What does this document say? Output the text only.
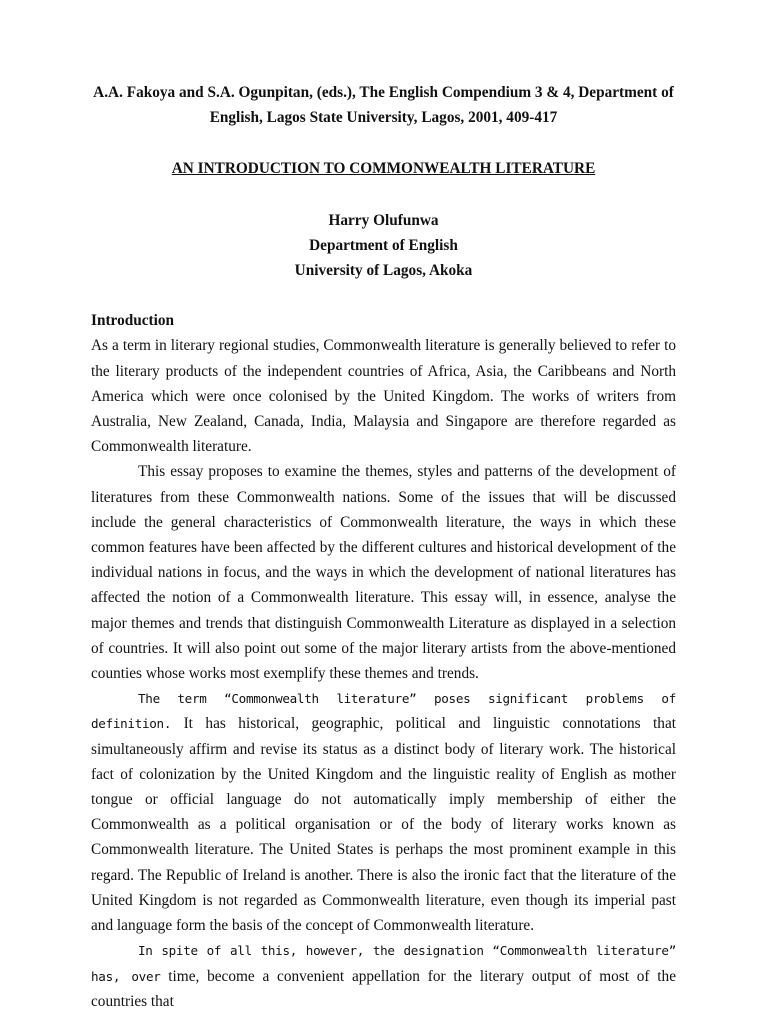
A.A. Fakoya and S.A. Ogunpitan, (eds.), The English Compendium 3 & 4, Department of

English, Lagos State University, Lagos, 2001, 409-417

AN INTRODUCTION TO COMMONWEALTH LITERATURE

Harry Olufunwa
Department of English
University of Lagos, Akoka

Introduction

As a term in literary regional studies, Commonwealth literature is generally believed to refer to the literary products of the independent countries of Africa, Asia, the Caribbeans and North America which were once colonised by the United Kingdom. The works of writers from Australia, New Zealand, Canada, India, Malaysia and Singapore are therefore regarded as Commonwealth literature.

This essay proposes to examine the themes, styles and patterns of the development of literatures from these Commonwealth nations. Some of the issues that will be discussed include the general characteristics of Commonwealth literature, the ways in which these common features have been affected by the different cultures and historical development of the individual nations in focus, and the ways in which the development of national literatures has affected the notion of a Commonwealth literature. This essay will, in essence, analyse the major themes and trends that distinguish Commonwealth Literature as displayed in a selection of countries. It will also point out some of the major literary artists from the above-mentioned counties whose works most exemplify these themes and trends.

The term “Commonwealth literature” poses significant problems of definition. It has historical, geographic, political and linguistic connotations that simultaneously affirm and revise its status as a distinct body of literary work. The historical fact of colonization by the United Kingdom and the linguistic reality of English as mother tongue or official language do not automatically imply membership of either the Commonwealth as a political organisation or of the body of literary works known as Commonwealth literature. The United States is perhaps the most prominent example in this regard. The Republic of Ireland is another. There is also the ironic fact that the literature of the United Kingdom is not regarded as Commonwealth literature, even though its imperial past and language form the basis of the concept of Commonwealth literature.

In spite of all this, however, the designation “Commonwealth literature” has, over time, become a convenient appellation for the literary output of most of the countries that
